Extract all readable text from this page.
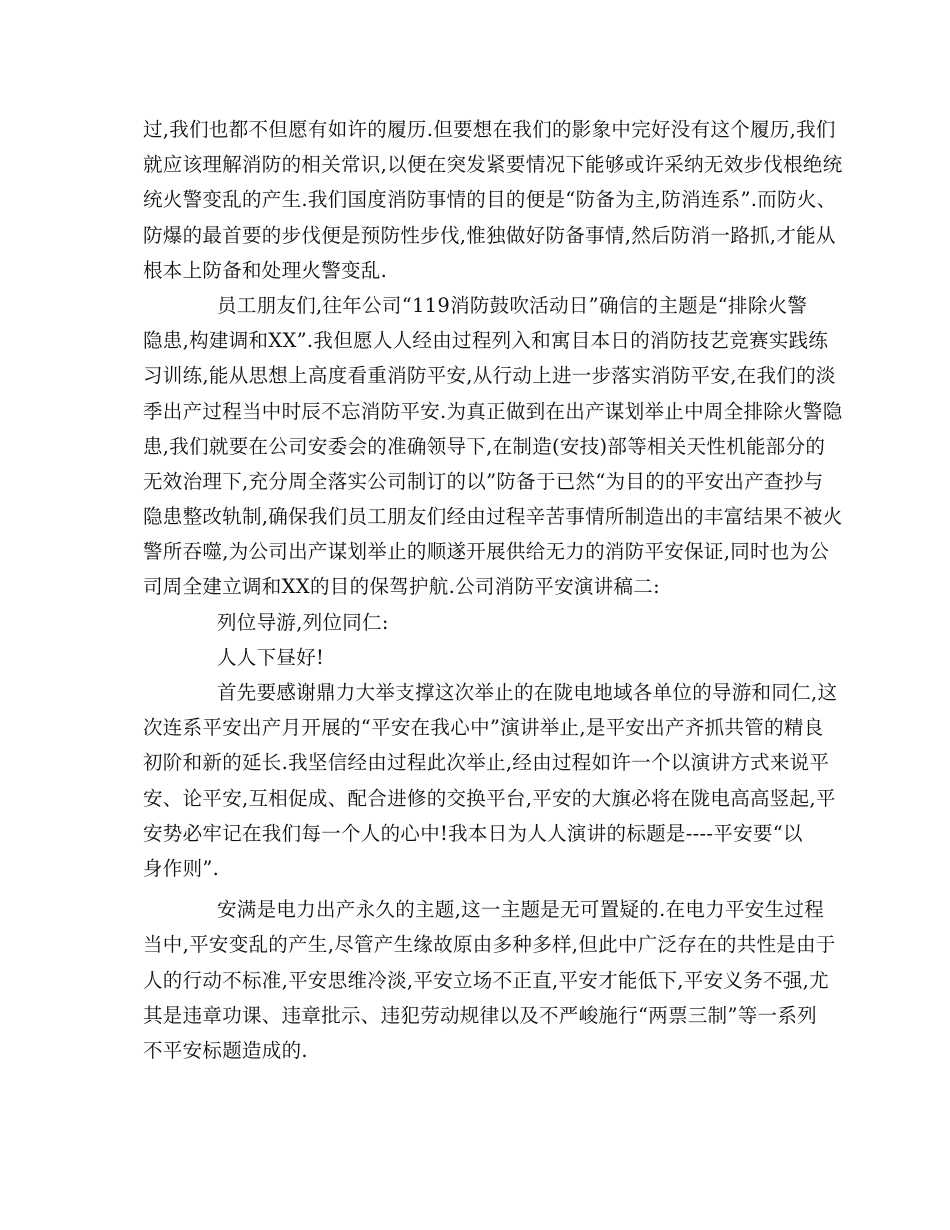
过,我们也都不但愿有如许的履历.但要想在我们的影象中完好没有这个履历,我们
就应该理解消防的相关常识,以便在突发紧要情况下能够或许采纳无效步伐根绝统
统火警变乱的产生.我们国度消防事情的目的便是“防备为主,防消连系”.而防火、
防爆的最首要的步伐便是预防性步伐,惟独做好防备事情,然后防消一路抓,才能从
根本上防备和处理火警变乱.
员工朋友们,往年公司“119消防鼓吹活动日”确信的主题是“排除火警
隐患,构建调和XX”.我但愿人人经由过程列入和寓目本日的消防技艺竞赛实践练
习训练,能从思想上高度看重消防平安,从行动上进一步落实消防平安,在我们的淡
季出产过程当中时辰不忘消防平安.为真正做到在出产谋划举止中周全排除火警隐
患,我们就要在公司安委会的准确领导下,在制造(安技)部等相关天性机能部分的
无效治理下,充分周全落实公司制订的以”防备于已然“为目的的平安出产查抄与
隐患整改轨制,确保我们员工朋友们经由过程辛苦事情所制造出的丰富结果不被火
警所吞噬,为公司出产谋划举止的顺遂开展供给无力的消防平安保证,同时也为公
司周全建立调和XX的目的保驾护航.公司消防平安演讲稿二:
列位导游,列位同仁:
人人下昼好!
首先要感谢鼎力大举支撑这次举止的在陇电地域各单位的导游和同仁,这
次连系平安出产月开展的“平安在我心中”演讲举止,是平安出产齐抓共管的精良
初阶和新的延长.我坚信经由过程此次举止,经由过程如许一个以演讲方式来说平
安、论平安,互相促成、配合进修的交换平台,平安的大旗必将在陇电高高竖起,平
安势必牢记在我们每一个人的心中!我本日为人人演讲的标题是----平安要“以
身作则”.
安满是电力出产永久的主题,这一主题是无可置疑的.在电力平安生过程
当中,平安变乱的产生,尽管产生缘故原由多种多样,但此中广泛存在的共性是由于
人的行动不标准,平安思维冷淡,平安立场不正直,平安才能低下,平安义务不强,尤
其是违章功课、违章批示、违犯劳动规律以及不严峻施行“两票三制”等一系列
不平安标题造成的.
